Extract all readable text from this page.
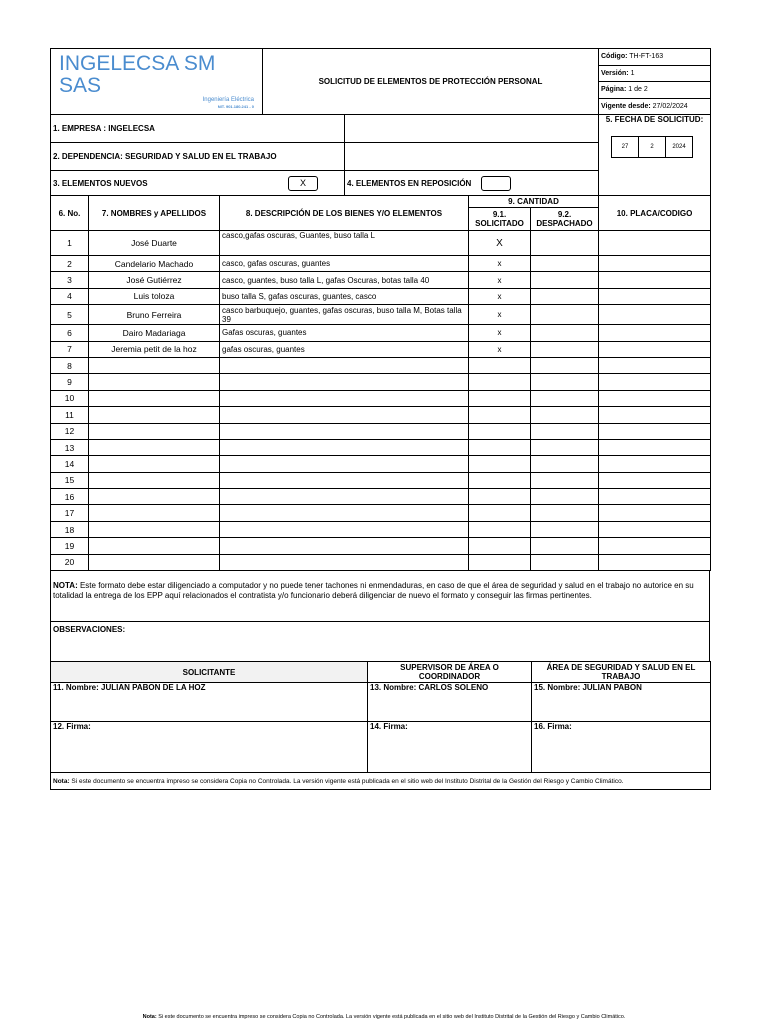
INGELECSA SM SAS
Ingeniería Eléctrica
NIT. 901.180.241 - 0
	SOLICITUD DE ELEMENTOS DE PROTECCIÓN PERSONAL	Código: TH-FT-163
Versión: 1
Página: 1 de 2
Vigente desde: 27/02/2024
1. EMPRESA : INGELECSA		5. FECHA DE SOLICITUD:
27 2 2024

2. DEPENDENCIA: SEGURIDAD Y SALUD EN EL TRABAJO		
3. ELEMENTOS NUEVOS X	4. ELEMENTOS EN REPOSICIÓN	
6. No.	7. NOMBRES y APELLIDOS	8. DESCRIPCIÓN DE LOS BIENES Y/O ELEMENTOS	9. CANTIDAD		10. PLACA/CODIGO
			9.1. SOLICITADO	9.2. DESPACHADO	
1	José Duarte	casco,gafas oscuras, Guantes, buso talla L	X		
2	Candelario Machado	casco, gafas oscuras, guantes	x		
3	José Gutiérrez	casco, guantes, buso talla L, gafas Oscuras, botas talla 40	x		
4	Luis toloza	buso talla S, gafas oscuras, guantes, casco	x		
5	Bruno Ferreira	casco barbuquejo, guantes, gafas oscuras, buso talla M, Botas talla 39	x		
6	Dairo Madariaga	Gafas oscuras, guantes	x		
7	Jeremia petit de la hoz	gafas oscuras, guantes	x		
8					
9					
10					
11					
12					
13					
14					
15					
16					
17					
18					
19					
20					
NOTA: Este formato debe estar diligenciado a computador y no puede tener tachones ni enmendaduras, en caso de que el área de seguridad y salud en el trabajo no autorice en su totalidad la entrega de los EPP aquí relacionados el contratista y/o funcionario deberá diligenciar de nuevo el formato y conseguir las firmas pertinentes.
OBSERVACIONES:
SOLICITANTE	SUPERVISOR DE ÁREA O COORDINADOR	ÁREA DE SEGURIDAD Y SALUD EN EL TRABAJO
11. Nombre: JULIAN PABON DE LA HOZ	13. Nombre: CARLOS SOLENO	15. Nombre: JULIAN PABON
12. Firma:	14. Firma:	16. Firma:
Nota: Si este documento se encuentra impreso se considera Copia no Controlada. La versión vigente está publicada en el sitio web del Instituto Distrital de la Gestión del Riesgo y Cambio Climático.		
Nota: Si este documento se encuentra impreso se considera Copia no Controlada. La versión vigente está publicada en el sitio web del Instituto Distrital de la Gestión del Riesgo y Cambio Climático.
